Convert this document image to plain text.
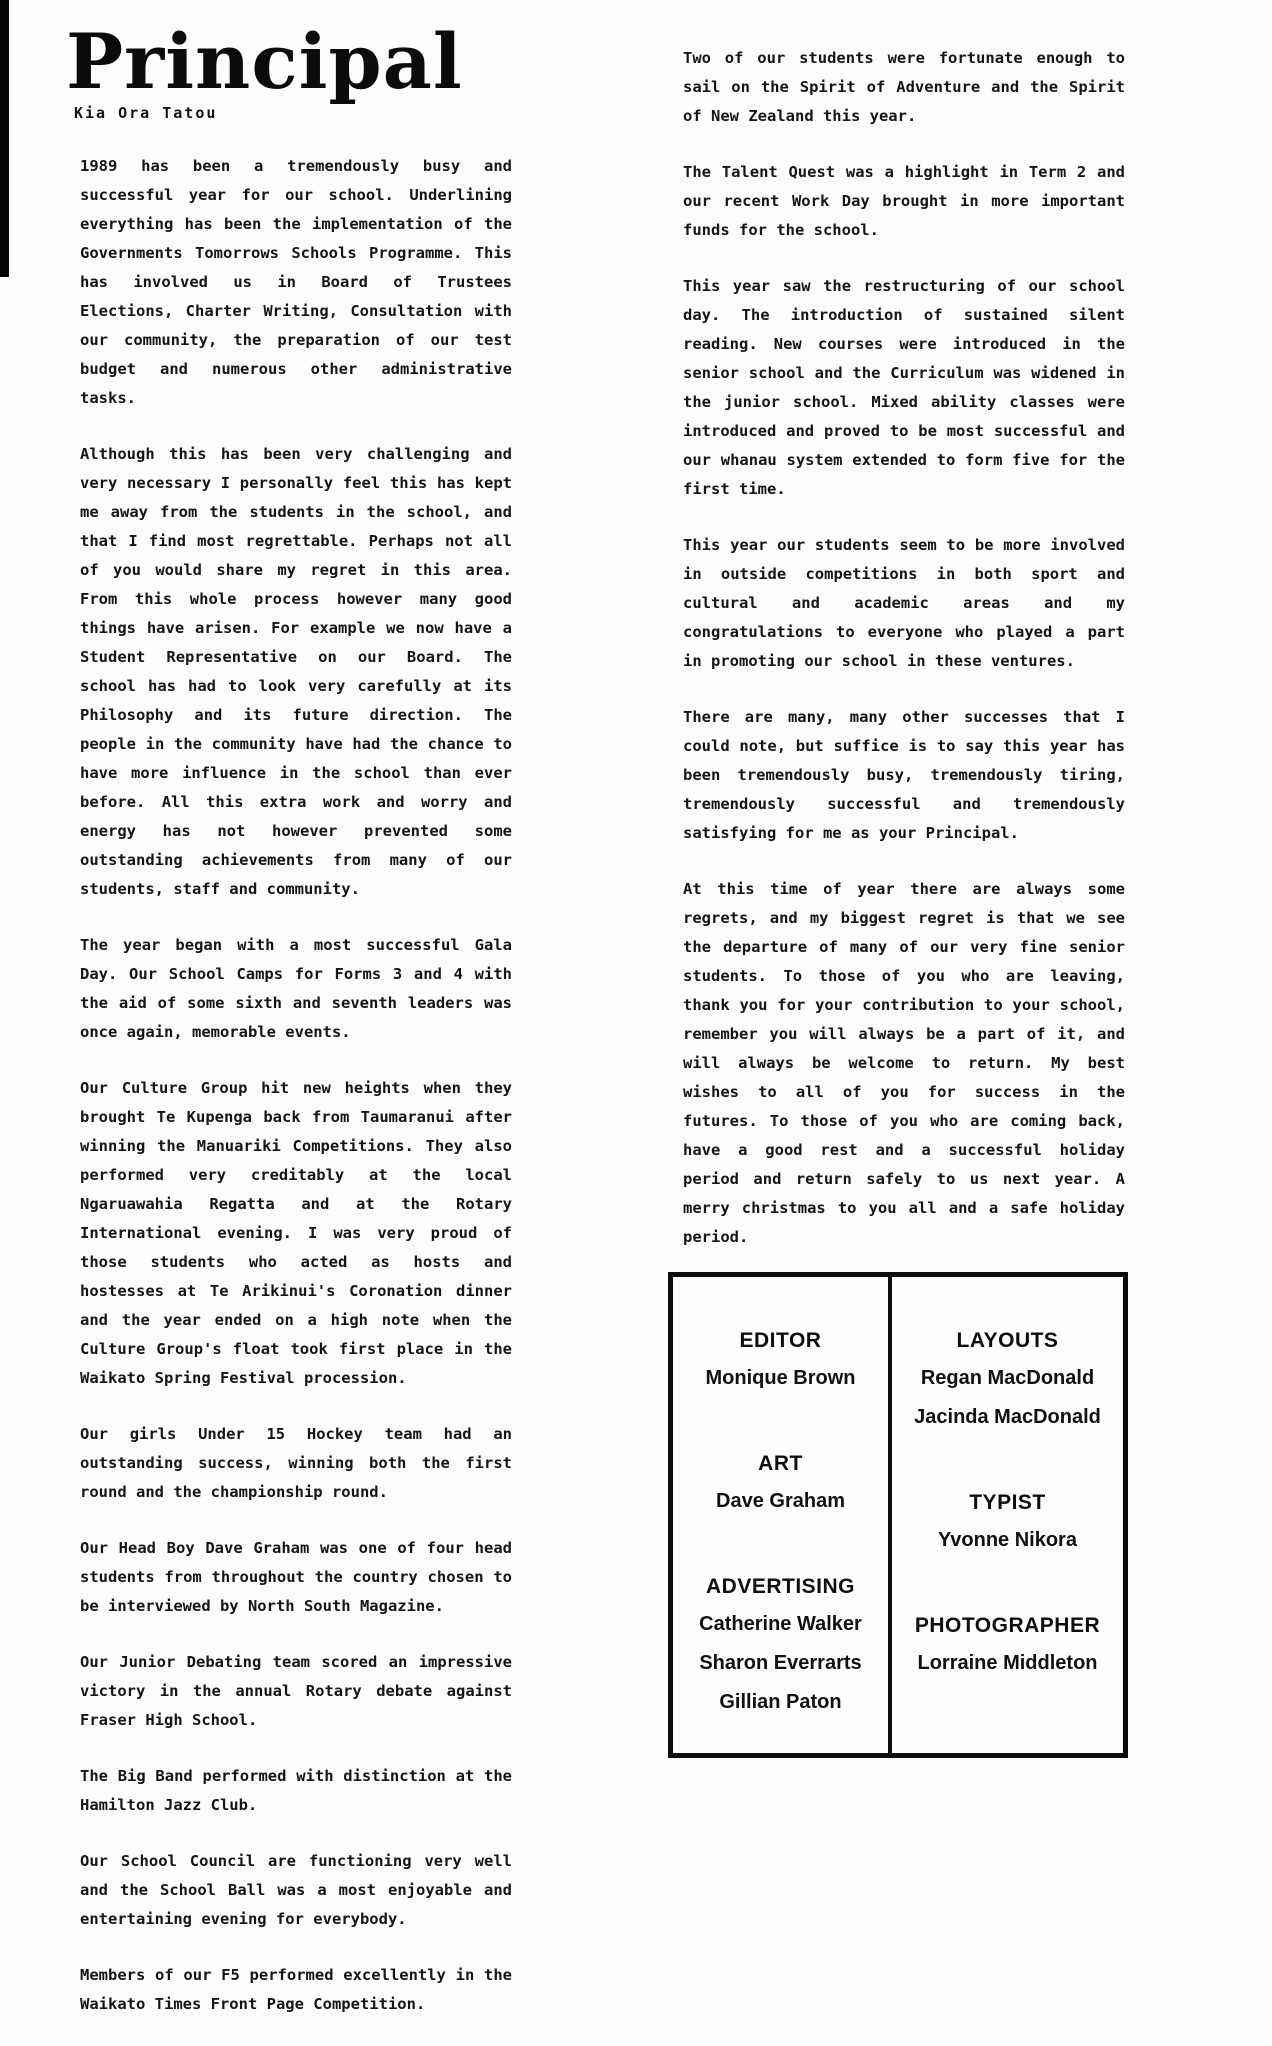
Principal
Kia Ora Tatou

1989 has been a tremendously busy and successful year for our school. Underlining everything has been the implementation of the Governments Tomorrows Schools Programme. This has involved us in Board of Trustees Elections, Charter Writing, Consultation with our community, the preparation of our test budget and numerous other administrative tasks.

Although this has been very challenging and very necessary I personally feel this has kept me away from the students in the school, and that I find most regrettable. Perhaps not all of you would share my regret in this area. From this whole process however many good things have arisen. For example we now have a Student Representative on our Board. The school has had to look very carefully at its Philosophy and its future direction. The people in the community have had the chance to have more influence in the school than ever before. All this extra work and worry and energy has not however prevented some outstanding achievements from many of our students, staff and community.

The year began with a most successful Gala Day. Our School Camps for Forms 3 and 4 with the aid of some sixth and seventh leaders was once again, memorable events.

Our Culture Group hit new heights when they brought Te Kupenga back from Taumaranui after winning the Manuariki Competitions. They also performed very creditably at the local Ngaruawahia Regatta and at the Rotary International evening. I was very proud of those students who acted as hosts and hostesses at Te Arikinui's Coronation dinner and the year ended on a high note when the Culture Group's float took first place in the Waikato Spring Festival procession.

Our girls Under 15 Hockey team had an outstanding success, winning both the first round and the championship round.

Our Head Boy Dave Graham was one of four head students from throughout the country chosen to be interviewed by North South Magazine.

Our Junior Debating team scored an impressive victory in the annual Rotary debate against Fraser High School.

The Big Band performed with distinction at the Hamilton Jazz Club.

Our School Council are functioning very well and the School Ball was a most enjoyable and entertaining evening for everybody.

Members of our F5 performed excellently in the Waikato Times Front Page Competition.

Two of our students were fortunate enough to sail on the Spirit of Adventure and the Spirit of New Zealand this year.

The Talent Quest was a highlight in Term 2 and our recent Work Day brought in more important funds for the school.

This year saw the restructuring of our school day. The introduction of sustained silent reading. New courses were introduced in the senior school and the Curriculum was widened in the junior school. Mixed ability classes were introduced and proved to be most successful and our whanau system extended to form five for the first time.

This year our students seem to be more involved in outside competitions in both sport and cultural and academic areas and my congratulations to everyone who played a part in promoting our school in these ventures.

There are many, many other successes that I could note, but suffice is to say this year has been tremendously busy, tremendously tiring, tremendously successful and tremendously satisfying for me as your Principal.

At this time of year there are always some regrets, and my biggest regret is that we see the departure of many of our very fine senior students. To those of you who are leaving, thank you for your contribution to your school, remember you will always be a part of it, and will always be welcome to return. My best wishes to all of you for success in the futures. To those of you who are coming back, have a good rest and a successful holiday period and return safely to us next year. A merry christmas to you all and a safe holiday period.

EDITOR
Monique Brown
ART
Dave Graham
ADVERTISING
Catherine Walker
Sharon Everrarts
Gillian Paton
LAYOUTS
Regan MacDonald
Jacinda MacDonald
TYPIST
Yvonne Nikora
PHOTOGRAPHER
Lorraine Middleton
